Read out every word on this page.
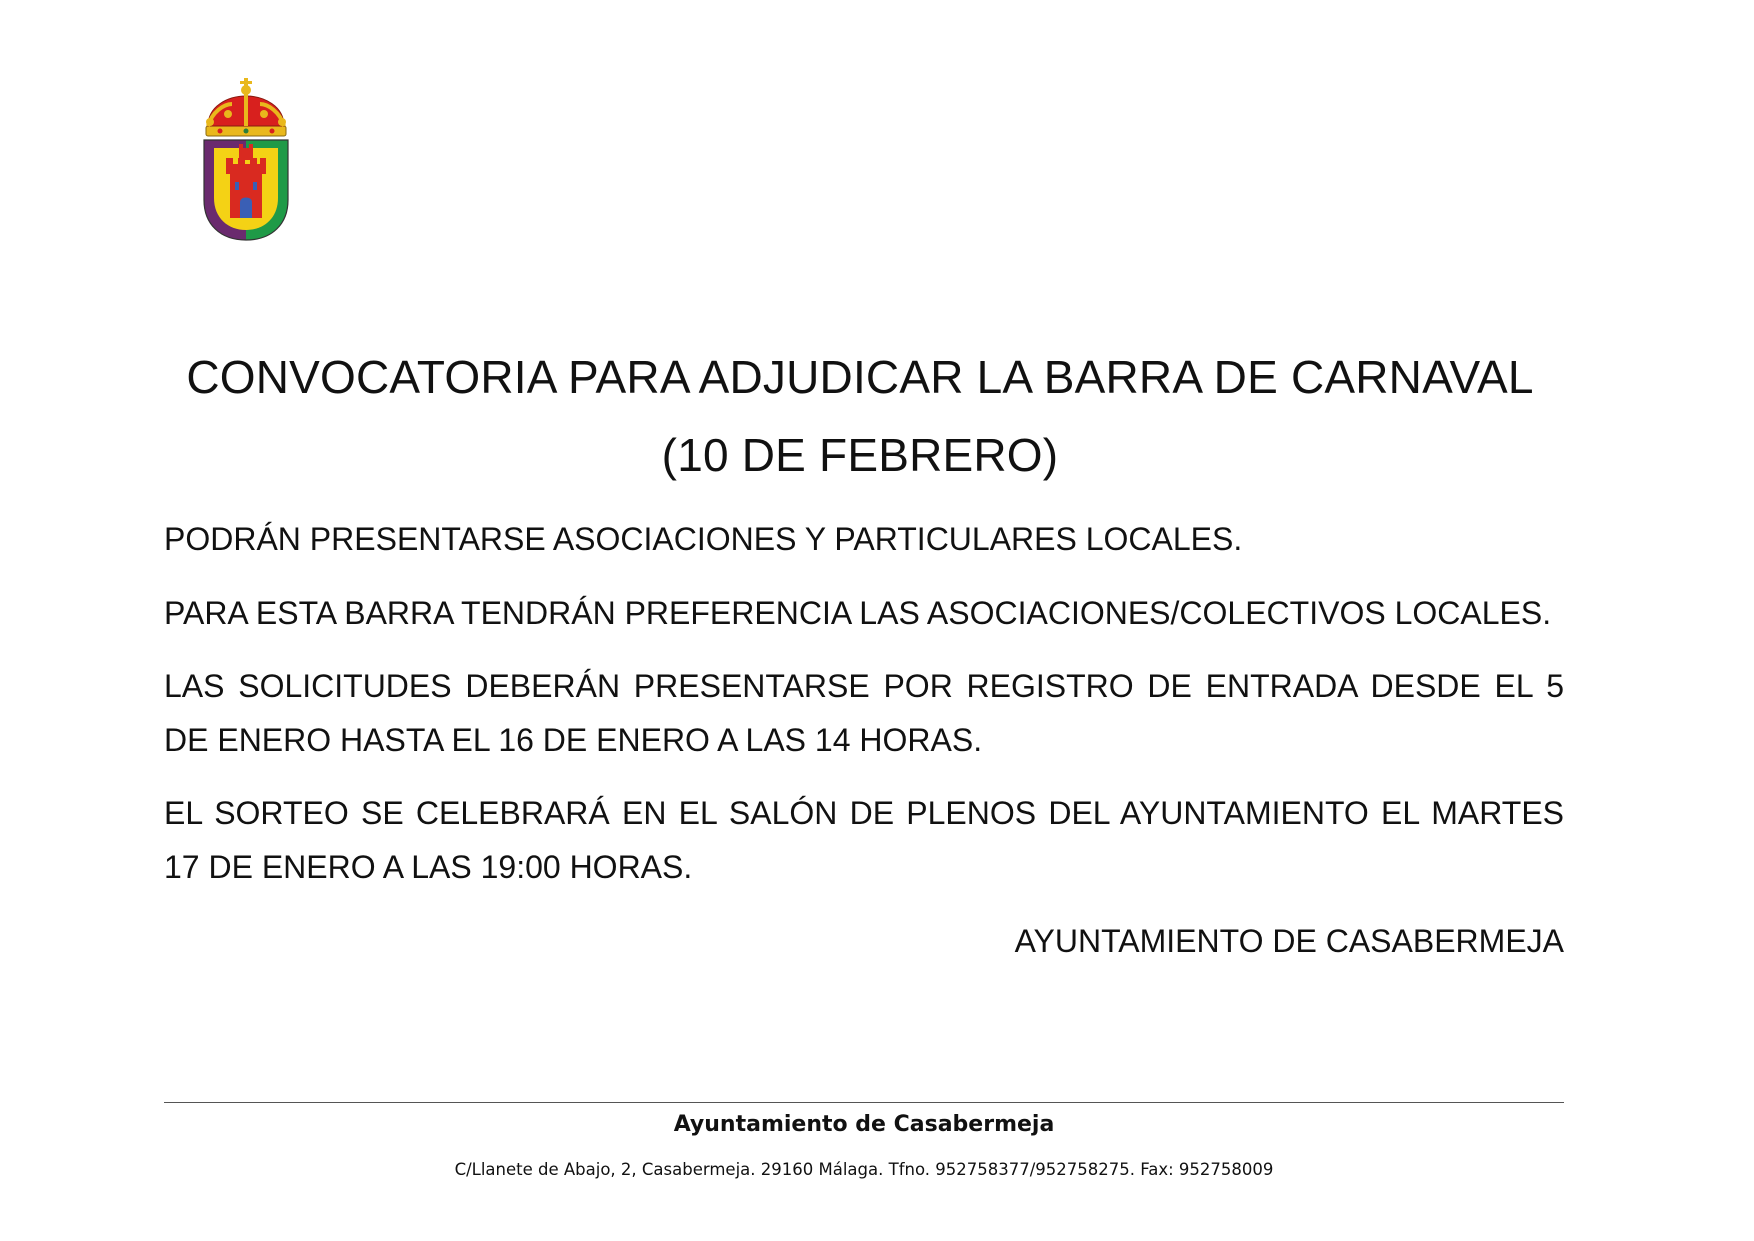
CONVOCATORIA PARA ADJUDICAR LA BARRA DE CARNAVAL
(10 DE FEBRERO)

PODRÁN PRESENTARSE ASOCIACIONES Y PARTICULARES LOCALES.

PARA ESTA BARRA TENDRÁN PREFERENCIA LAS ASOCIACIONES/COLECTIVOS LOCALES.

LAS SOLICITUDES DEBERÁN PRESENTARSE POR REGISTRO DE ENTRADA DESDE EL 5 DE ENERO HASTA EL 16 DE ENERO A LAS 14 HORAS.

EL SORTEO SE CELEBRARÁ EN EL SALÓN DE PLENOS DEL AYUNTAMIENTO EL MARTES 17 DE ENERO A LAS 19:00 HORAS.

AYUNTAMIENTO DE CASABERMEJA

Ayuntamiento de Casabermeja

C/Llanete de Abajo, 2, Casabermeja. 29160 Málaga. Tfno. 952758377/952758275. Fax: 952758009
